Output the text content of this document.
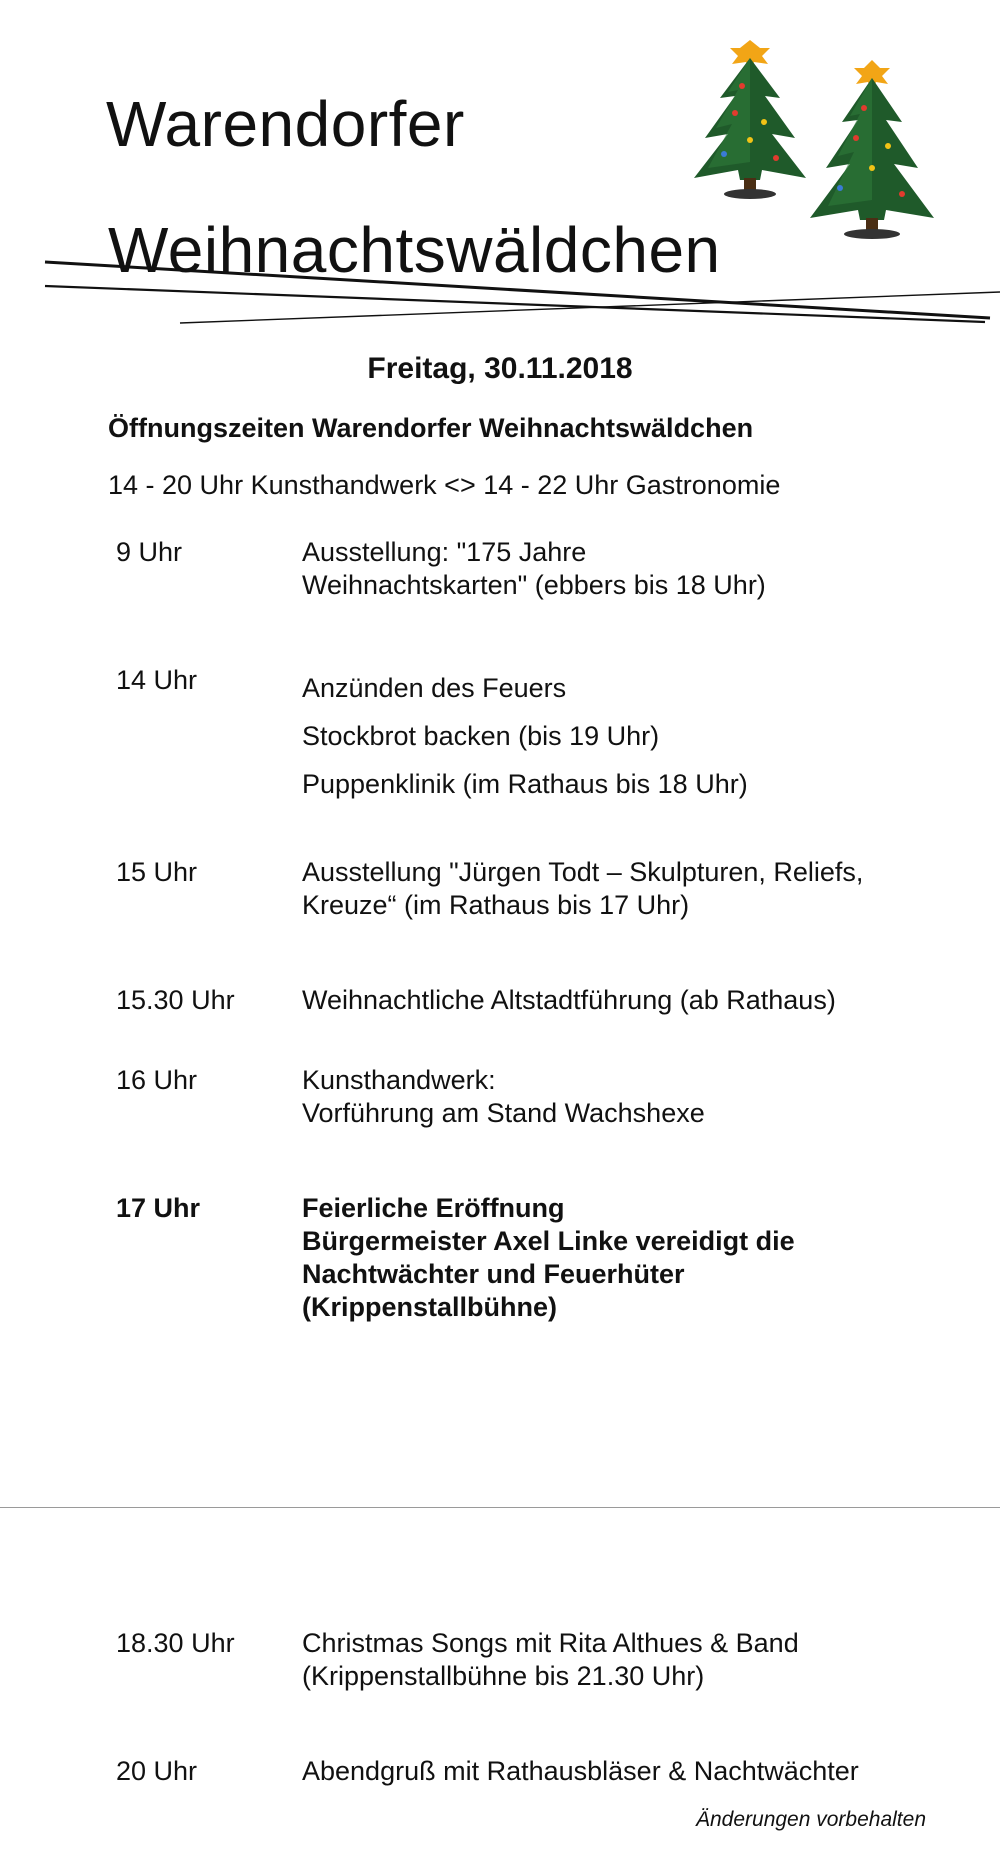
Warendorfer
Weihnachtswäldchen
Freitag, 30.11.2018
Öffnungszeiten Warendorfer Weihnachtswäldchen
14 - 20 Uhr Kunsthandwerk <> 14 - 22 Uhr Gastronomie
9 Uhr	Ausstellung: "175 Jahre
Weihnachtskarten" (ebbers bis 18 Uhr)
14 Uhr	Anzünden des Feuers
Stockbrot backen (bis 19 Uhr)
Puppenklinik (im Rathaus bis 18 Uhr)
15 Uhr	Ausstellung "Jürgen Todt – Skulpturen, Reliefs,
Kreuze“ (im Rathaus bis 17 Uhr)
15.30 Uhr Weihnachtliche Altstadtführung (ab Rathaus)
16 Uhr	Kunsthandwerk:
Vorführung am Stand Wachshexe
17 Uhr	Feierliche Eröffnung
Bürgermeister Axel Linke vereidigt die
Nachtwächter und Feuerhüter
(Krippenstallbühne)
18.30 Uhr Christmas Songs mit Rita Althues & Band
(Krippenstallbühne bis 21.30 Uhr)
20 Uhr	Abendgruß mit Rathausbläser & Nachtwächter
Änderungen vorbehalten
